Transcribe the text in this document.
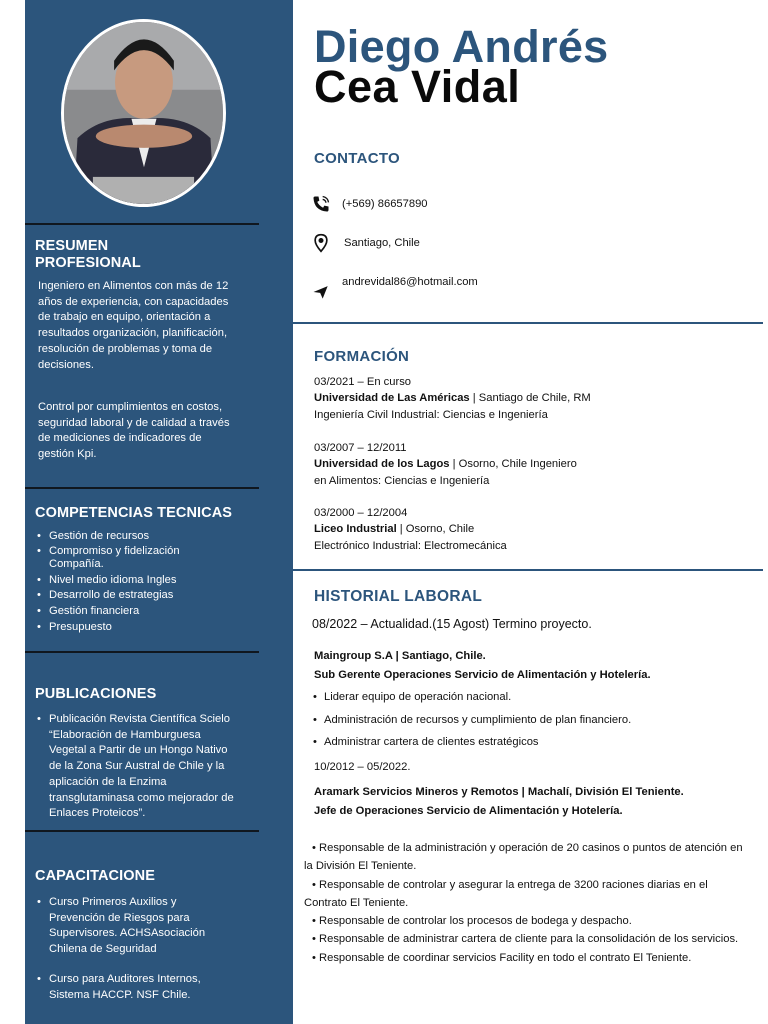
RESUMEN
PROFESIONAL

Ingeniero en Alimentos con más de 12 años de experiencia, con capacidades de trabajo en equipo, orientación a resultados organización, planificación, resolución de problemas y toma de decisiones.

Control por cumplimientos en costos, seguridad laboral y de calidad a través de mediciones de indicadores de gestión Kpi.

COMPETENCIAS TECNICAS
• Gestión de recursos
• Compromiso y fidelización Compañía.
• Nivel medio idioma Ingles
• Desarrollo de estrategias
• Gestión financiera
• Presupuesto
PUBLICACIONES
• Publicación Revista Científica Scielo “Elaboración de Hamburguesa Vegetal a Partir de un Hongo Nativo de la Zona Sur Austral de Chile y la aplicación de la Enzima transglutaminasa como mejorador de Enlaces Proteicos”.
CAPACITACIONE
• Curso Primeros Auxilios y Prevención de Riesgos para Supervisores. ACHSAsociación Chilena de Seguridad
• Curso para Auditores Internos, Sistema HACCP. NSF Chile.
Diego Andrés
Cea Vidal
CONTACTO
(+569) 86657890
Santiago, Chile
andrevidal86@hotmail.com
FORMACIÓN
03/2021 – En curso
Universidad de Las Américas | Santiago de Chile, RM
Ingeniería Civil Industrial: Ciencias e Ingeniería
03/2007 – 12/2011
Universidad de los Lagos | Osorno, Chile Ingeniero
en Alimentos: Ciencias e Ingeniería
03/2000 – 12/2004
Liceo Industrial | Osorno, Chile
Electrónico Industrial: Electromecánica
HISTORIAL LABORAL
08/2022 – Actualidad.(15 Agost) Termino proyecto.
Maingroup S.A | Santiago, Chile.
Sub Gerente Operaciones Servicio de Alimentación y Hotelería.
• Liderar equipo de operación nacional.
• Administración de recursos y cumplimiento de plan financiero.
• Administrar cartera de clientes estratégicos
10/2012 – 05/2022.
Aramark Servicios Mineros y Remotos | Machalí, División El Teniente.
Jefe de Operaciones Servicio de Alimentación y Hotelería.

• Responsable de la administración y operación de 20 casinos o puntos de atención en la División El Teniente.

• Responsable de controlar y asegurar la entrega de 3200 raciones diarias en el Contrato El Teniente.

• Responsable de controlar los procesos de bodega y despacho.

• Responsable de administrar cartera de cliente para la consolidación de los servicios.

• Responsable de coordinar servicios Facility en todo el contrato El Teniente.
